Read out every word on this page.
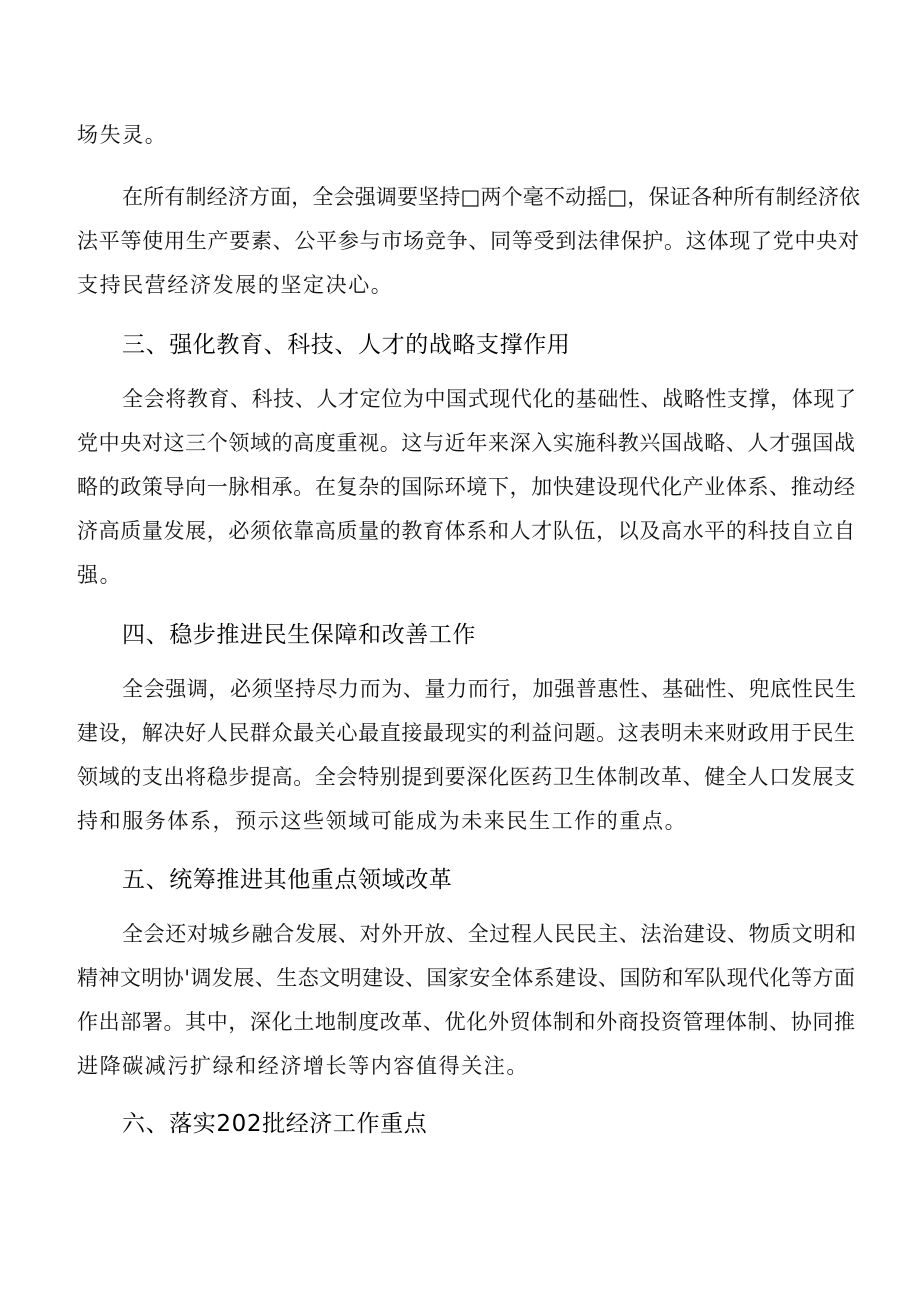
场失灵。
在所有制经济方面，全会强调要坚持□两个毫不动摇□，保证各种所有制经济依
法平等使用生产要素、公平参与市场竞争、同等受到法律保护。这体现了党中央对
支持民营经济发展的坚定决心。
三、强化教育、科技、人才的战略支撑作用
全会将教育、科技、人才定位为中国式现代化的基础性、战略性支撑，体现了
党中央对这三个领域的高度重视。这与近年来深入实施科教兴国战略、人才强国战
略的政策导向一脉相承。在复杂的国际环境下，加快建设现代化产业体系、推动经
济高质量发展，必须依靠高质量的教育体系和人才队伍，以及高水平的科技自立自
强。
四、稳步推进民生保障和改善工作
全会强调，必须坚持尽力而为、量力而行，加强普惠性、基础性、兜底性民生
建设，解决好人民群众最关心最直接最现实的利益问题。这表明未来财政用于民生
领域的支出将稳步提高。全会特别提到要深化医药卫生体制改革、健全人口发展支
持和服务体系，预示这些领域可能成为未来民生工作的重点。
五、统筹推进其他重点领域改革
全会还对城乡融合发展、对外开放、全过程人民民主、法治建设、物质文明和
精神文明协'调发展、生态文明建设、国家安全体系建设、国防和军队现代化等方面
作出部署。其中，深化土地制度改革、优化外贸体制和外商投资管理体制、协同推
进降碳减污扩绿和经济增长等内容值得关注。
六、落实202批经济工作重点
